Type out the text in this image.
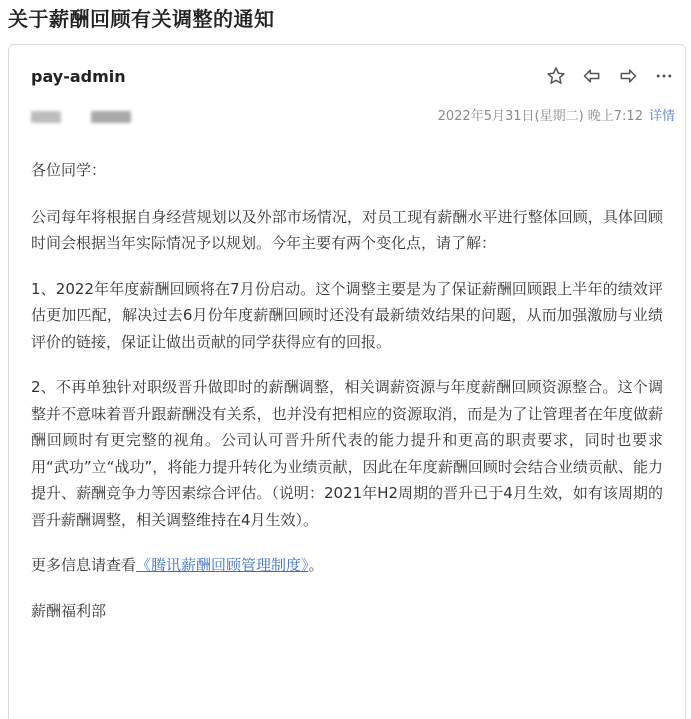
关于薪酬回顾有关调整的通知
pay-admin
2022年5月31日(星期二) 晚上7:12 详情

各位同学：

公司每年将根据自身经营规划以及外部市场情况，对员工现有薪酬水平进行整体回顾，具体回顾时间会根据当年实际情况予以规划。今年主要有两个变化点，请了解：

1、2022年年度薪酬回顾将在7月份启动。这个调整主要是为了保证薪酬回顾跟上半年的绩效评估更加匹配，解决过去6月份年度薪酬回顾时还没有最新绩效结果的问题，从而加强激励与业绩评价的链接，保证让做出贡献的同学获得应有的回报。

2、不再单独针对职级晋升做即时的薪酬调整，相关调薪资源与年度薪酬回顾资源整合。这个调整并不意味着晋升跟薪酬没有关系，也并没有把相应的资源取消，而是为了让管理者在年度做薪酬回顾时有更完整的视角。公司认可晋升所代表的能力提升和更高的职责要求，同时也要求用“武功”立“战功”，将能力提升转化为业绩贡献，因此在年度薪酬回顾时会结合业绩贡献、能力提升、薪酬竞争力等因素综合评估。（说明：2021年H2周期的晋升已于4月生效，如有该周期的晋升薪酬调整，相关调整维持在4月生效）。

更多信息请查看《腾讯薪酬回顾管理制度》。

薪酬福利部
